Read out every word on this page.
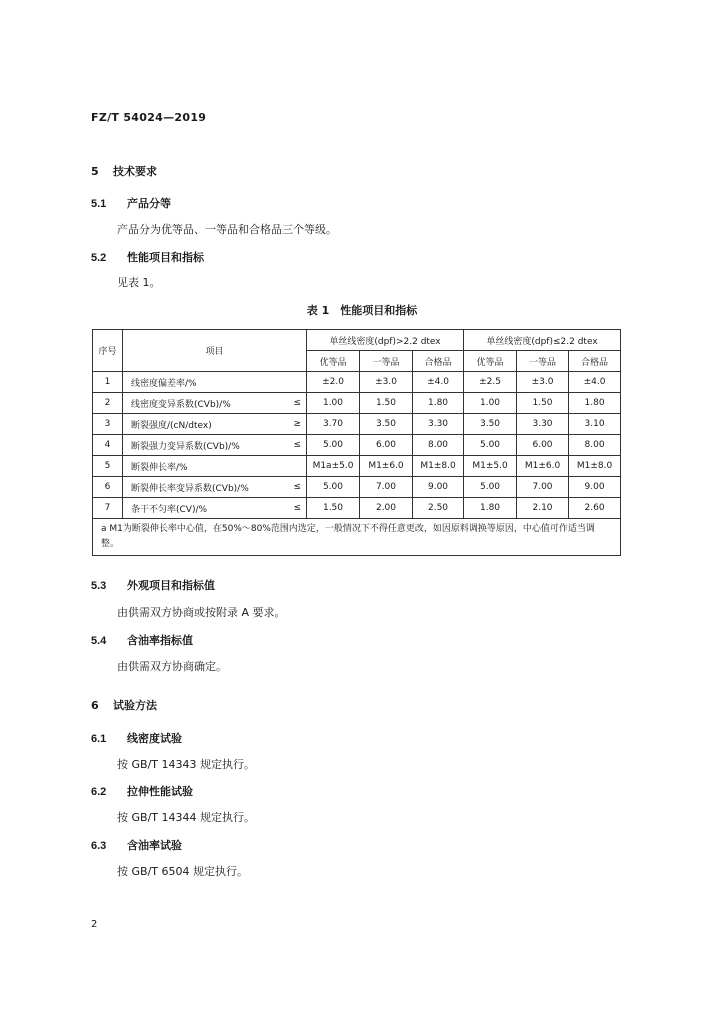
FZ/T 54024—2019
5 技术要求
5.1 产品分等
产品分为优等品、一等品和合格品三个等级。
5.2 性能项目和指标
见表 1。
表 1　性能项目和指标
序号	项目	单丝线密度(dpf)>2.2 dtex			单丝线密度(dpf)≤2.2 dtex		
		优等品	一等品	合格品	优等品	一等品	合格品
1	线密度偏差率/%	±2.0	±3.0	±4.0	±2.5	±3.0	±4.0
2	线密度变异系数(CVb)/% ≤	1.00	1.50	1.80	1.00	1.50	1.80
3	断裂强度/(cN/dtex) ≥	3.70	3.50	3.30	3.50	3.30	3.10
4	断裂强力变异系数(CVb)/% ≤	5.00	6.00	8.00	5.00	6.00	8.00
5	断裂伸长率/%	M1a±5.0	M1±6.0	M1±8.0	M1±5.0	M1±6.0	M1±8.0
6	断裂伸长率变异系数(CVb)/% ≤	5.00	7.00	9.00	5.00	7.00	9.00
7	条干不匀率(CV)/% ≤	1.50	2.00	2.50	1.80	2.10	2.60
a M1为断裂伸长率中心值，在50%～80%范围内选定，一般情况下不得任意更改，如因原料调换等原因，中心值可作适当调整。							
5.3 外观项目和指标值
由供需双方协商或按附录 A 要求。
5.4 含油率指标值
由供需双方协商确定。
6 试验方法
6.1 线密度试验
按 GB/T 14343 规定执行。
6.2 拉伸性能试验
按 GB/T 14344 规定执行。
6.3 含油率试验
按 GB/T 6504 规定执行。
2
